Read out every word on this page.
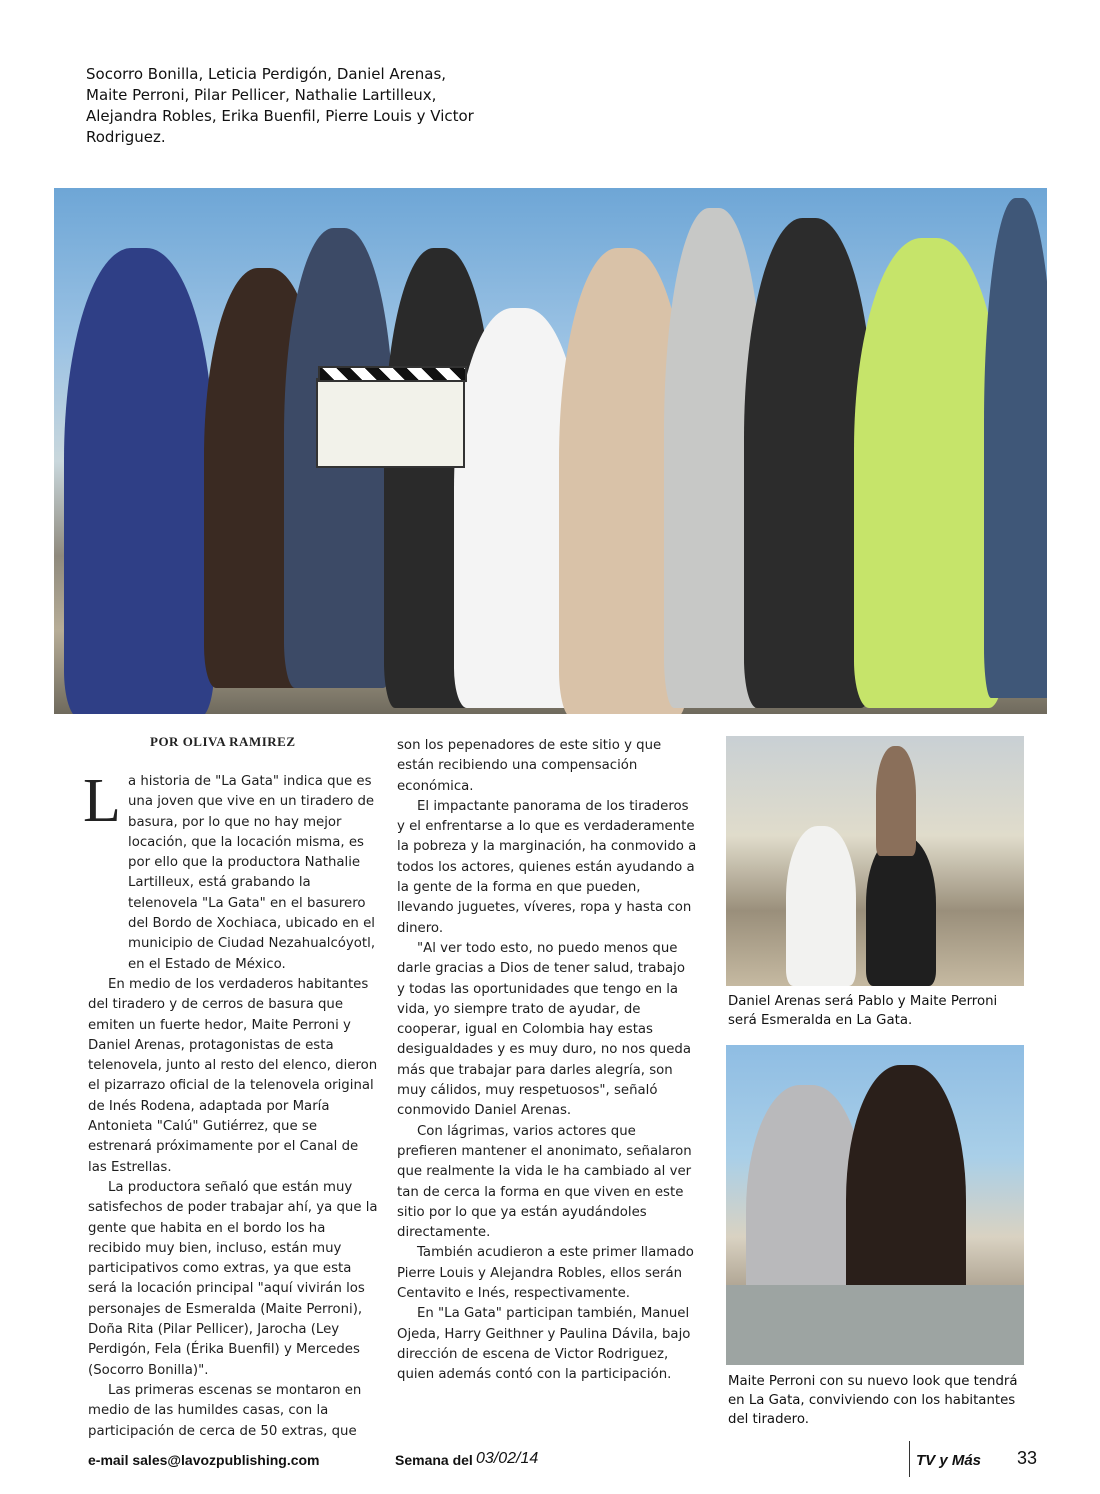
Socorro Bonilla, Leticia Perdigón, Daniel Arenas, Maite Perroni, Pilar Pellicer, Nathalie Lartilleux, Alejandra Robles, Erika Buenfil, Pierre Louis y Victor Rodriguez.
POR OLIVA RAMIREZ
L a historia de "La Gata" indica que es una joven que vive en un tiradero de basura, por lo que no hay mejor locación, que la locación misma, es por ello que la productora Nathalie Lartilleux, está grabando la telenovela "La Gata" en el basurero del Bordo de Xochiaca, ubicado en el municipio de Ciudad Nezahualcóyotl, en el Estado de México.

En medio de los verdaderos habitantes del tiradero y de cerros de basura que emiten un fuerte hedor, Maite Perroni y Daniel Arenas, protagonistas de esta telenovela, junto al resto del elenco, dieron el pizarrazo oficial de la telenovela original de Inés Rodena, adaptada por María Antonieta "Calú" Gutiérrez, que se estrenará próximamente por el Canal de las Estrellas.

La productora señaló que están muy satisfechos de poder trabajar ahí, ya que la gente que habita en el bordo los ha recibido muy bien, incluso, están muy participativos como extras, ya que esta será la locación principal "aquí vivirán los personajes de Esmeralda (Maite Perroni), Doña Rita (Pilar Pellicer), Jarocha (Ley Perdigón, Fela (Érika Buenfil) y Mercedes (Socorro Bonilla)".

Las primeras escenas se montaron en medio de las humildes casas, con la participación de cerca de 50 extras, que

son los pepenadores de este sitio y que están recibiendo una compensación económica.

El impactante panorama de los tiraderos y el enfrentarse a lo que es verdaderamente la pobreza y la marginación, ha conmovido a todos los actores, quienes están ayudando a la gente de la forma en que pueden, llevando juguetes, víveres, ropa y hasta con dinero.

"Al ver todo esto, no puedo menos que darle gracias a Dios de tener salud, trabajo y todas las oportunidades que tengo en la vida, yo siempre trato de ayudar, de cooperar, igual en Colombia hay estas desigualdades y es muy duro, no nos queda más que trabajar para darles alegría, son muy cálidos, muy respetuosos", señaló conmovido Daniel Arenas.

Con lágrimas, varios actores que prefieren mantener el anonimato, señalaron que realmente la vida le ha cambiado al ver tan de cerca la forma en que viven en este sitio por lo que ya están ayudándoles directamente.

También acudieron a este primer llamado Pierre Louis y Alejandra Robles, ellos serán Centavito e Inés, respectivamente.

En "La Gata" participan también, Manuel Ojeda, Harry Geithner y Paulina Dávila, bajo dirección de escena de Victor Rodriguez, quien además contó con la participación.

Daniel Arenas será Pablo y Maite Perroni será Esmeralda en La Gata.
Maite Perroni con su nuevo look que tendrá en La Gata, conviviendo con los habitantes del tiradero.
e-mail sales@lavozpublishing.com	Semana del 03/02/14	TV y Más 33
